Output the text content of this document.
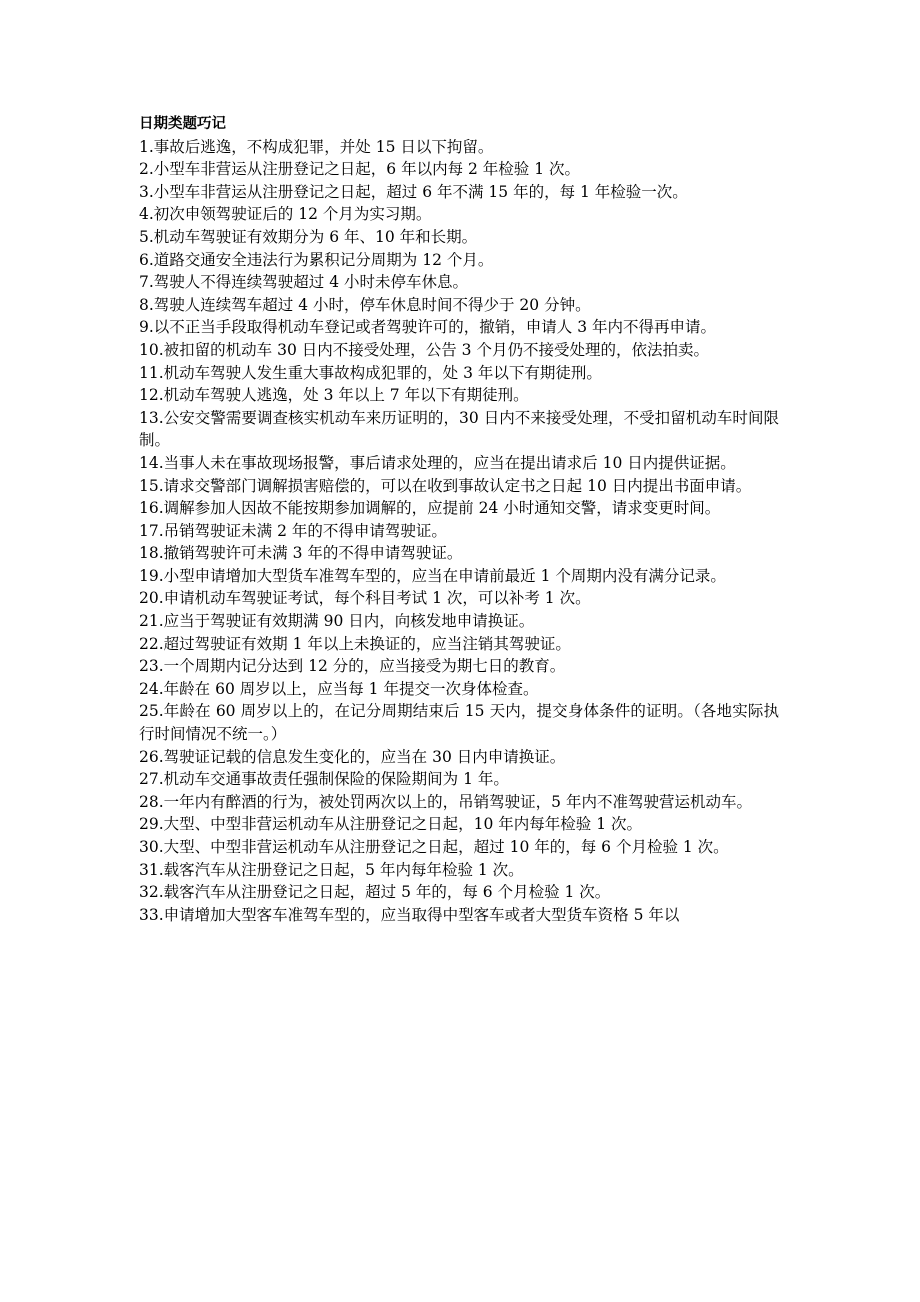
日期类题巧记

1.事故后逃逸，不构成犯罪，并处 15 日以下拘留。

2.小型车非营运从注册登记之日起，6 年以内每 2 年检验 1 次。

3.小型车非营运从注册登记之日起，超过 6 年不满 15 年的，每 1 年检验一次。

4.初次申领驾驶证后的 12 个月为实习期。

5.机动车驾驶证有效期分为 6 年、10 年和长期。

6.道路交通安全违法行为累积记分周期为 12 个月。

7.驾驶人不得连续驾驶超过 4 小时未停车休息。

8.驾驶人连续驾车超过 4 小时，停车休息时间不得少于 20 分钟。

9.以不正当手段取得机动车登记或者驾驶许可的，撤销，申请人 3 年内不得再申请。

10.被扣留的机动车 30 日内不接受处理，公告 3 个月仍不接受处理的，依法拍卖。

11.机动车驾驶人发生重大事故构成犯罪的，处 3 年以下有期徒刑。

12.机动车驾驶人逃逸，处 3 年以上 7 年以下有期徒刑。

13.公安交警需要调查核实机动车来历证明的，30 日内不来接受处理，不受扣留机动车时间限制。

14.当事人未在事故现场报警，事后请求处理的，应当在提出请求后 10 日内提供证据。

15.请求交警部门调解损害赔偿的，可以在收到事故认定书之日起 10 日内提出书面申请。

16.调解参加人因故不能按期参加调解的，应提前 24 小时通知交警，请求变更时间。

17.吊销驾驶证未满 2 年的不得申请驾驶证。

18.撤销驾驶许可未满 3 年的不得申请驾驶证。

19.小型申请增加大型货车准驾车型的，应当在申请前最近 1 个周期内没有满分记录。

20.申请机动车驾驶证考试，每个科目考试 1 次，可以补考 1 次。

21.应当于驾驶证有效期满 90 日内，向核发地申请换证。

22.超过驾驶证有效期 1 年以上未换证的，应当注销其驾驶证。

23.一个周期内记分达到 12 分的，应当接受为期七日的教育。

24.年龄在 60 周岁以上，应当每 1 年提交一次身体检查。

25.年龄在 60 周岁以上的，在记分周期结束后 15 天内，提交身体条件的证明。（各地实际执行时间情况不统一。）

26.驾驶证记载的信息发生变化的，应当在 30 日内申请换证。

27.机动车交通事故责任强制保险的保险期间为 1 年。

28.一年内有醉酒的行为，被处罚两次以上的，吊销驾驶证，5 年内不准驾驶营运机动车。

29.大型、中型非营运机动车从注册登记之日起，10 年内每年检验 1 次。

30.大型、中型非营运机动车从注册登记之日起，超过 10 年的，每 6 个月检验 1 次。

31.载客汽车从注册登记之日起，5 年内每年检验 1 次。

32.载客汽车从注册登记之日起，超过 5 年的，每 6 个月检验 1 次。

33.申请增加大型客车准驾车型的，应当取得中型客车或者大型货车资格 5 年以
